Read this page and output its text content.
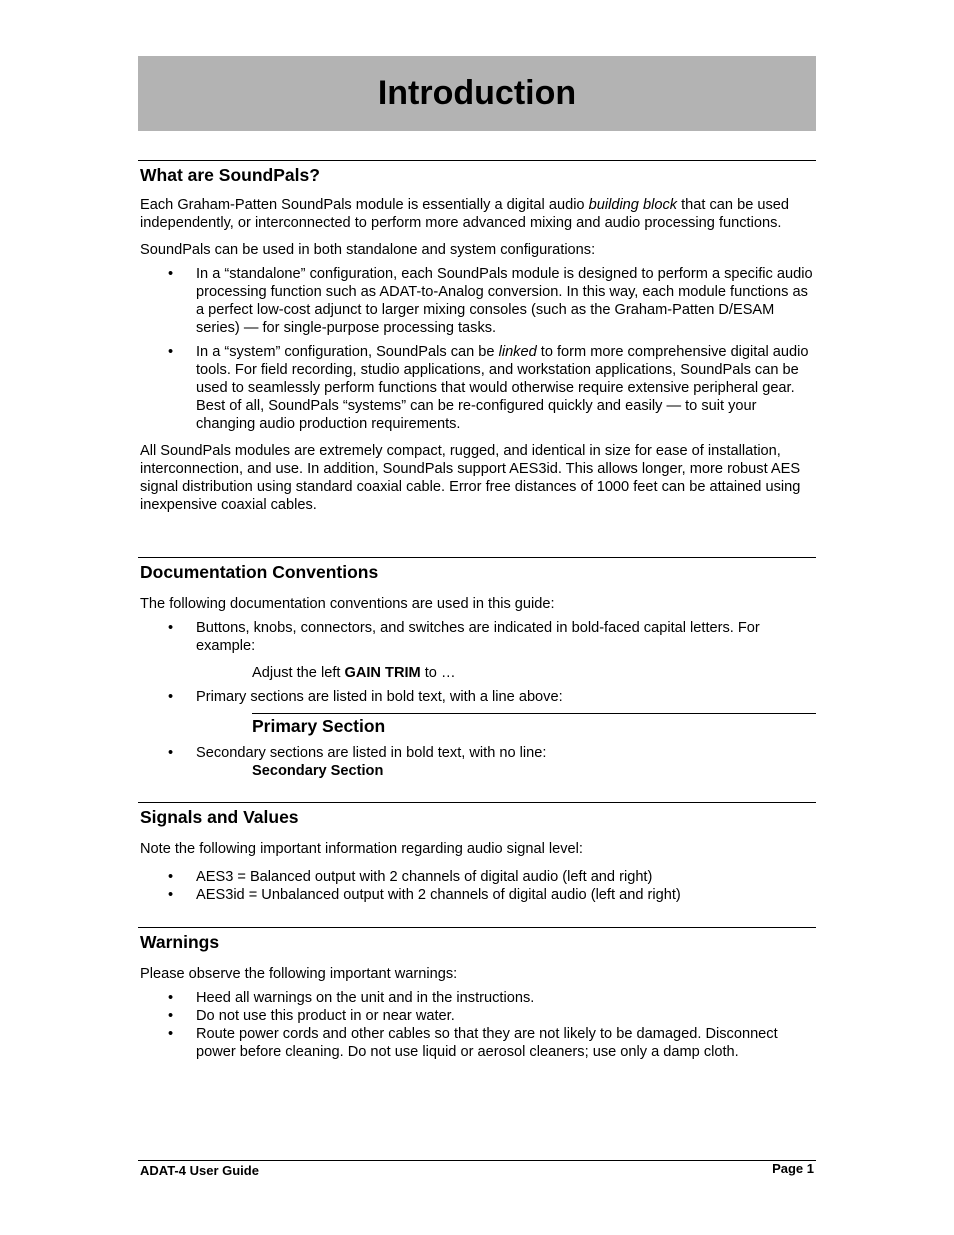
Introduction
What are SoundPals?

Each Graham-Patten SoundPals module is essentially a digital audio building block that can be used independently, or interconnected to perform more advanced mixing and audio processing functions.

SoundPals can be used in both standalone and system configurations:

• In a “standalone” configuration, each SoundPals module is designed to perform a specific audio processing function such as ADAT-to-Analog conversion. In this way, each module functions as a perfect low-cost adjunct to larger mixing consoles (such as the Graham-Patten D/ESAM series) — for single-purpose processing tasks.
• In a “system” configuration, SoundPals can be linked to form more comprehensive digital audio tools. For field recording, studio applications, and workstation applications, SoundPals can be used to seamlessly perform functions that would otherwise require extensive peripheral gear. Best of all, SoundPals “systems” can be re-configured quickly and easily — to suit your changing audio production requirements.

All SoundPals modules are extremely compact, rugged, and identical in size for ease of installation, interconnection, and use. In addition, SoundPals support AES3id. This allows longer, more robust AES signal distribution using standard coaxial cable. Error free distances of 1000 feet can be attained using inexpensive coaxial cables.

Documentation Conventions

The following documentation conventions are used in this guide:

• Buttons, knobs, connectors, and switches are indicated in bold-faced capital letters. For example:
Adjust the left GAIN TRIM to …
• Primary sections are listed in bold text, with a line above:
Primary Section
• Secondary sections are listed in bold text, with no line:
Secondary Section
Signals and Values

Note the following important information regarding audio signal level:

• AES3 = Balanced output with 2 channels of digital audio (left and right)
• AES3id = Unbalanced output with 2 channels of digital audio (left and right)
Warnings

Please observe the following important warnings:

• Heed all warnings on the unit and in the instructions.
• Do not use this product in or near water.
• Route power cords and other cables so that they are not likely to be damaged. Disconnect power before cleaning. Do not use liquid or aerosol cleaners; use only a damp cloth.
ADAT-4 User Guide	Page 1
